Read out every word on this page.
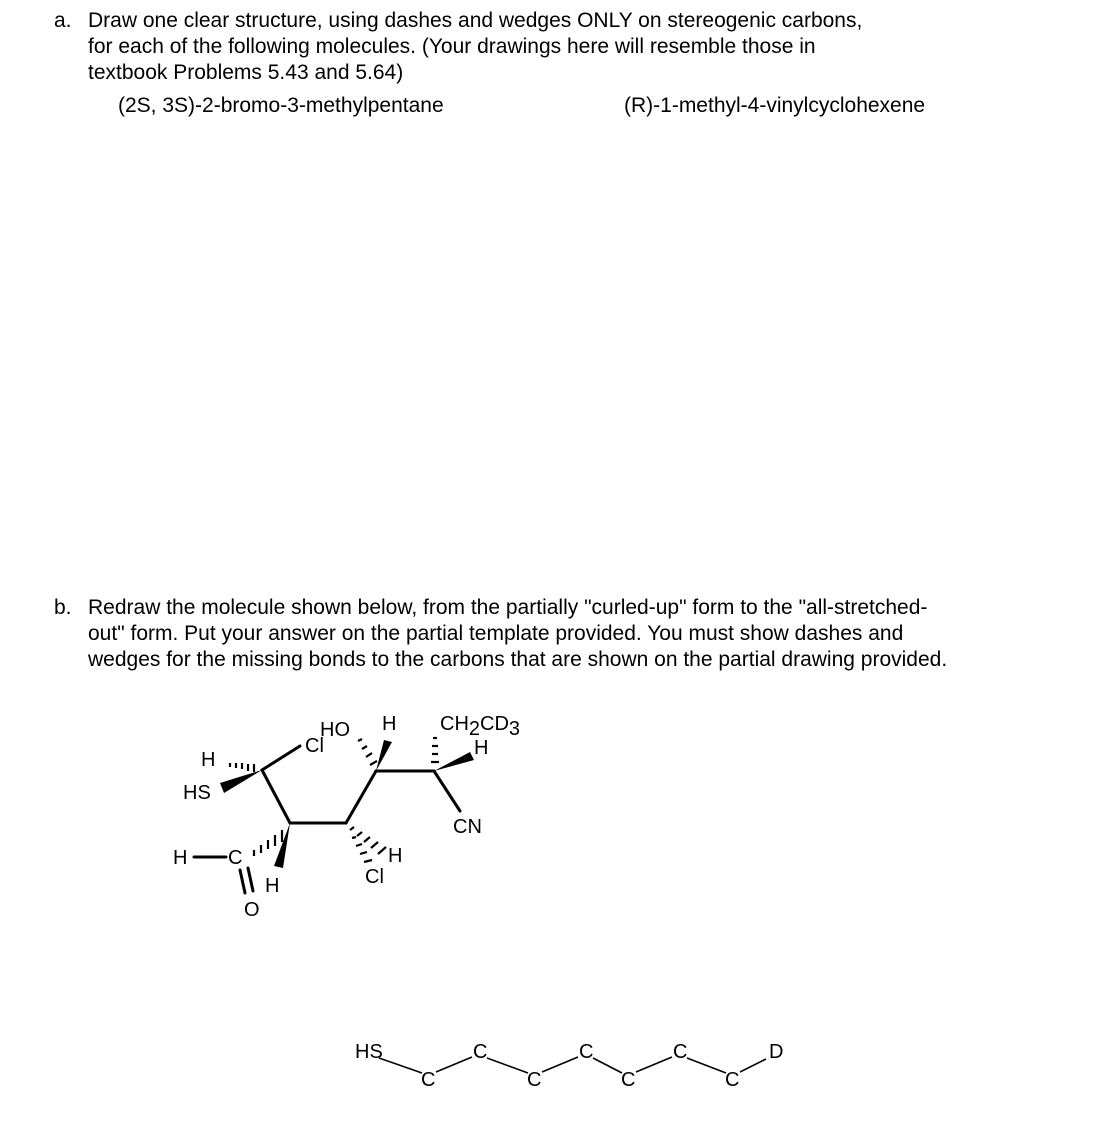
a. Draw one clear structure, using dashes and wedges ONLY on stereogenic carbons,
for each of the following molecules. (Your drawings here will resemble those in
textbook Problems 5.43 and 5.64)
(2S, 3S)-2-bromo-3-methylpentane	(R)-1-methyl-4-vinylcyclohexene
b. Redraw the molecule shown below, from the partially "curled-up" form to the "all-stretched-
out" form. Put your answer on the partial template provided. You must show dashes and
wedges for the missing bonds to the carbons that are shown on the partial drawing provided.
HO H CH2CD3
Cl
H
H
HS
CN
H C
H
O
H
Cl
HS
C
C
C
C
C
C
C
D
